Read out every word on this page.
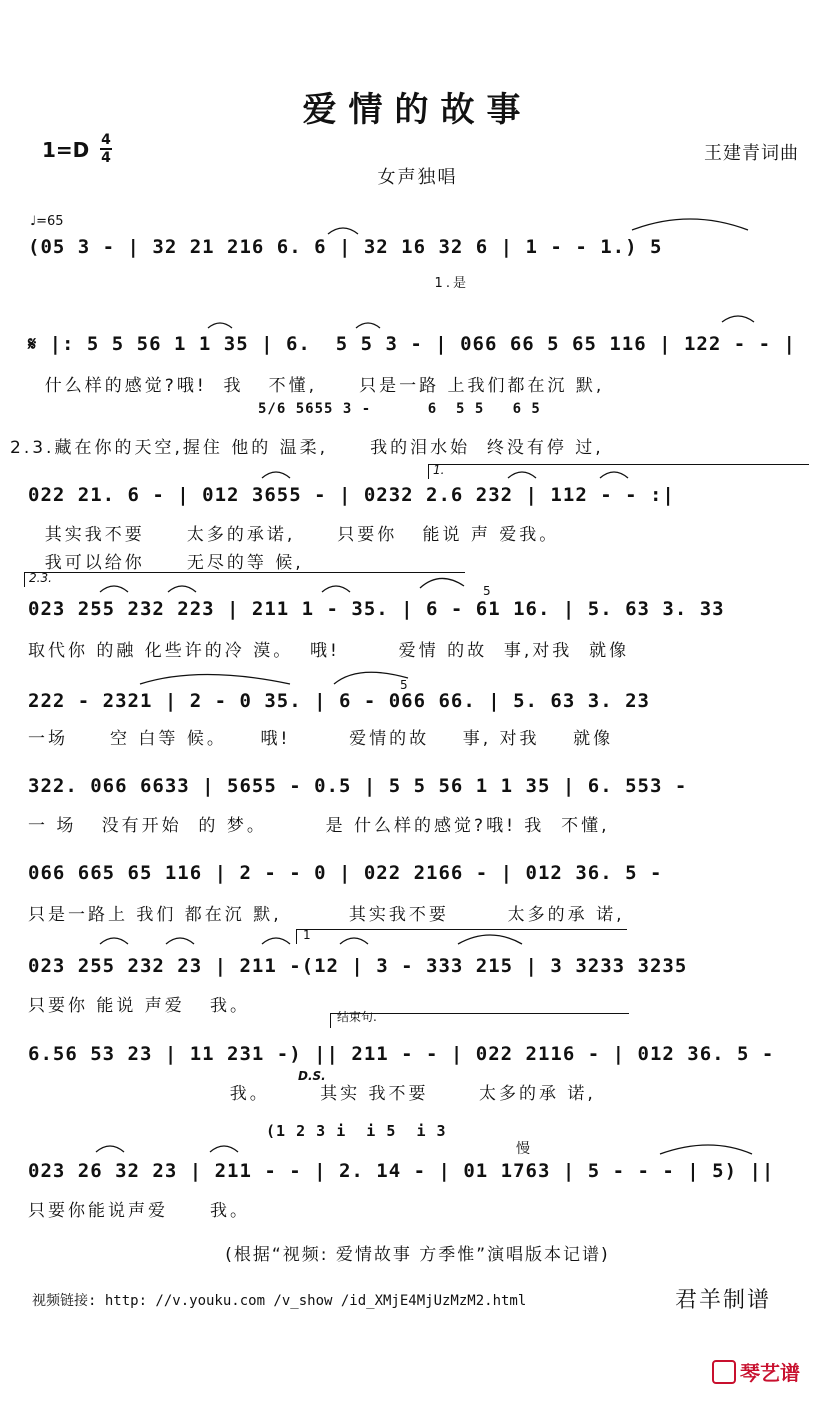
爱情的故事
1=D 4
4	王建青词曲
女声独唱
♩=65
(05 3 - | 32 21 216 6. 6 | 32 16 32 6 | 1 - - 1.) 5
1.是
𝄋 |: 5 5 56 1 1 35 | 6.  5 5 3 - | 066 66 5 65 116 | 122 - - |
什么样的感觉?哦!  我   不懂,     只是一路 上我们都在沉 默,
5/6 5655 3 -      6  5 5   6 5
2.3.藏在你的天空,握住 他的 温柔,     我的泪水始  终没有停 过,
1.
022 21. 6 - | 012 3655 - | 0232 2.6 232 | 112 - - :|
其实我不要     太多的承诺,     只要你   能说 声 爱我。
我可以给你     无尽的等 候,
2.3.
023 255 232 223 | 211 1 - 35. | 6 - 61 16. | 5. 63 3. 33
取代你 的融 化些许的冷 漠。  哦!       爱情 的故  事,对我  就像
5
222 - 2321 | 2 - 0 35. | 6 - 066 66. | 5. 63 3. 23
一场     空 白等 候。    哦!       爱情的故    事, 对我    就像
5
322. 066 6633 | 5655 - 0.5 | 5 5 56 1 1 35 | 6. 553 -
一 场   没有开始  的 梦。       是 什么样的感觉?哦! 我  不懂,
066 665 65 116 | 2 - - 0 | 022 2166 - | 012 36. 5 -
只是一路上 我们 都在沉 默,        其实我不要       太多的承 诺,
1
023 255 232 23 | 211 -(12 | 3 - 333 215 | 3 3233 3235
只要你 能说 声爱   我。
结束句.
6.56 53 23 | 11 231 -) || 211 - - | 022 2116 - | 012 36. 5 -
D.S.
我。      其实 我不要      太多的承 诺,
(1 2 3 i  i 5  i 3
慢
023 26 32 23 | 211 - - | 2. 14 - | 01 1763 | 5 - - - | 5) ||
只要你能说声爱     我。
(根据“视频: 爱情故事 方季惟”演唱版本记谱)
视频链接: http: //v.youku.com /v_show /id_XMjE4MjUzMzM2.html	君羊制谱
琴艺谱
